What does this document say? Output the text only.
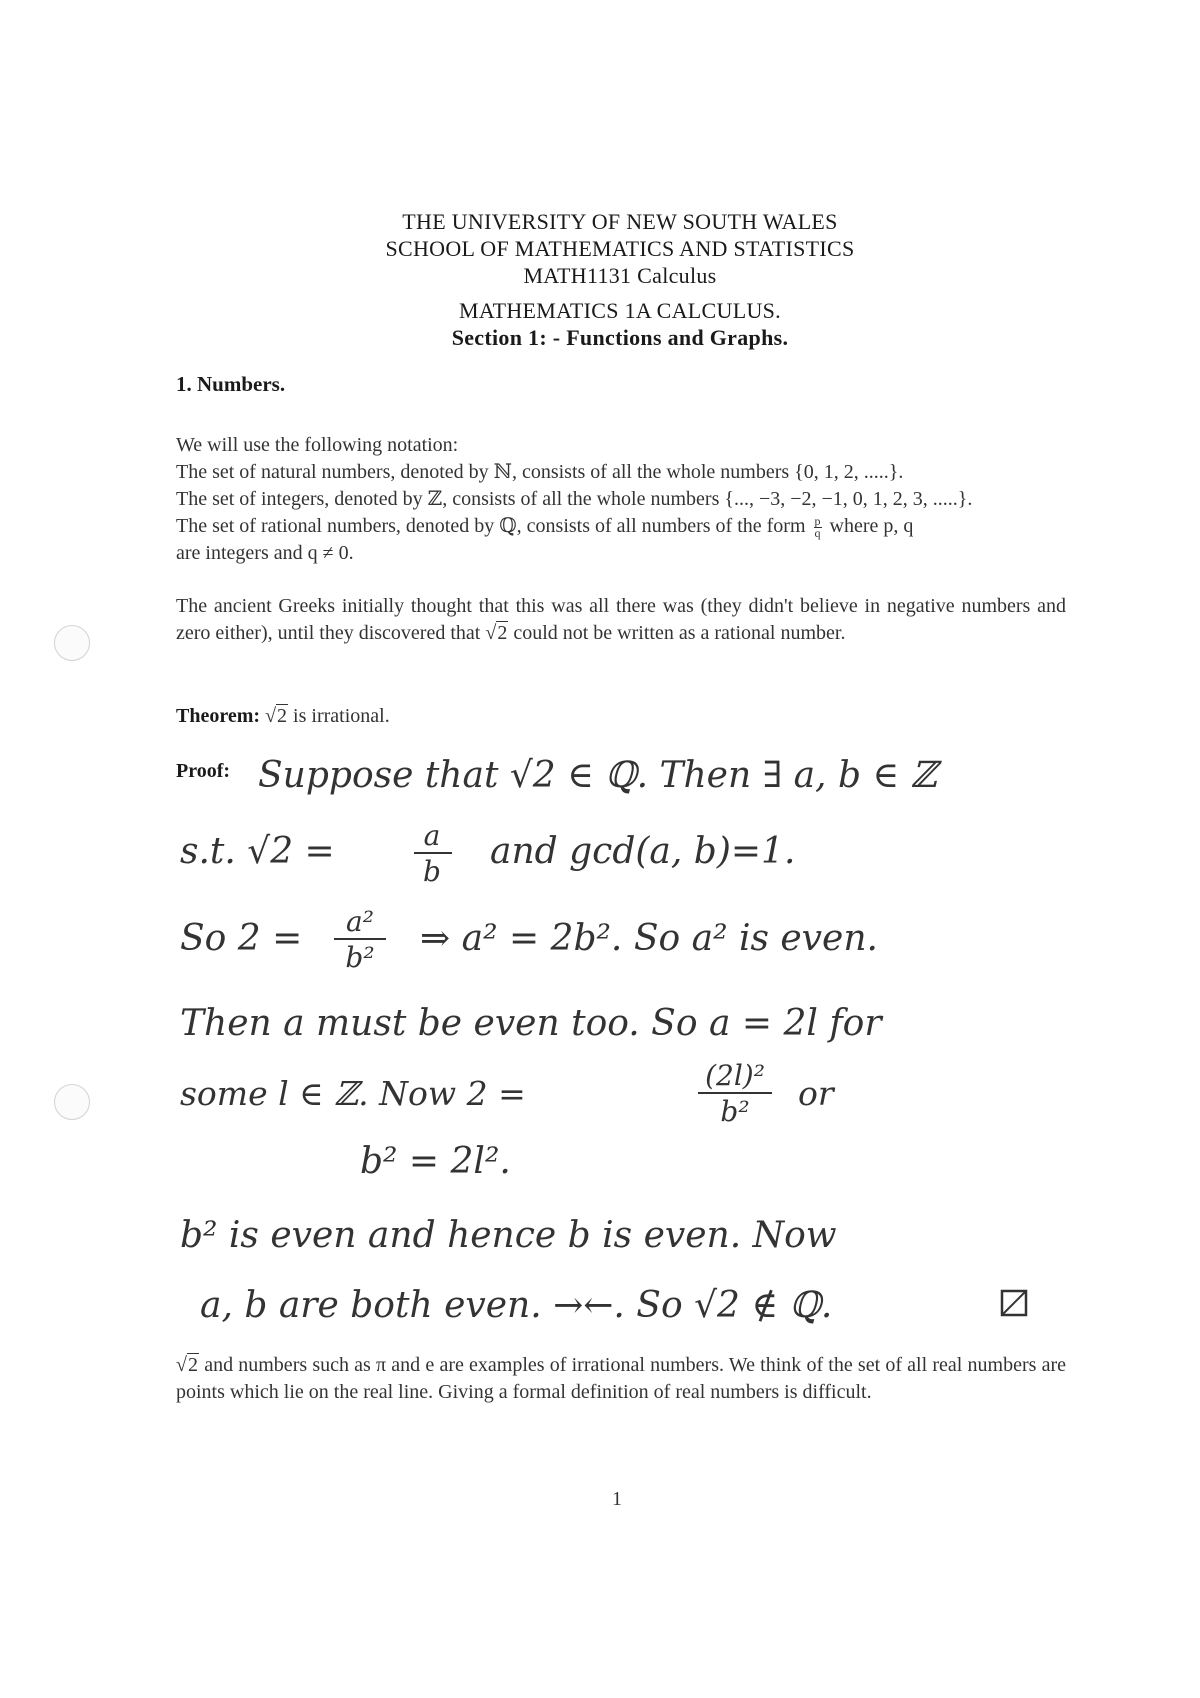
THE UNIVERSITY OF NEW SOUTH WALES
SCHOOL OF MATHEMATICS AND STATISTICS
MATH1131 Calculus
MATHEMATICS 1A CALCULUS.
Section 1: - Functions and Graphs.
1. Numbers.

We will use the following notation:

The set of natural numbers, denoted by ℕ, consists of all the whole numbers {0, 1, 2, .....}.

The set of integers, denoted by ℤ, consists of all the whole numbers {..., −3, −2, −1, 0, 1, 2, 3, .....}.

The set of rational numbers, denoted by ℚ, consists of all numbers of the form $\frac{p}{q}$ where p, q
are integers and q ≠ 0.

The ancient Greeks initially thought that this was all there was (they didn't believe in negative numbers and zero either), until they discovered that √2 could not be written as a rational number.
Theorem: √2 is irrational.
Proof: Suppose that √2 ∈ ℚ. Then ∃ a, b ∈ ℤ
s.t. √2 =	a
b and gcd(a, b)=1.
So 2 = a²
b² ⇒ a² = 2b². So a² is even.
Then a must be even too. So a = 2l for
some l ∈ ℤ. Now 2 =	(2l)²
b² or
b² = 2l².
b² is even and hence b is even. Now
a, b are both even. →←. So √2 ∉ ℚ.
√2 and numbers such as π and e are examples of irrational numbers. We think of the set of all real numbers are points which lie on the real line. Giving a formal definition of real numbers is difficult.
1
